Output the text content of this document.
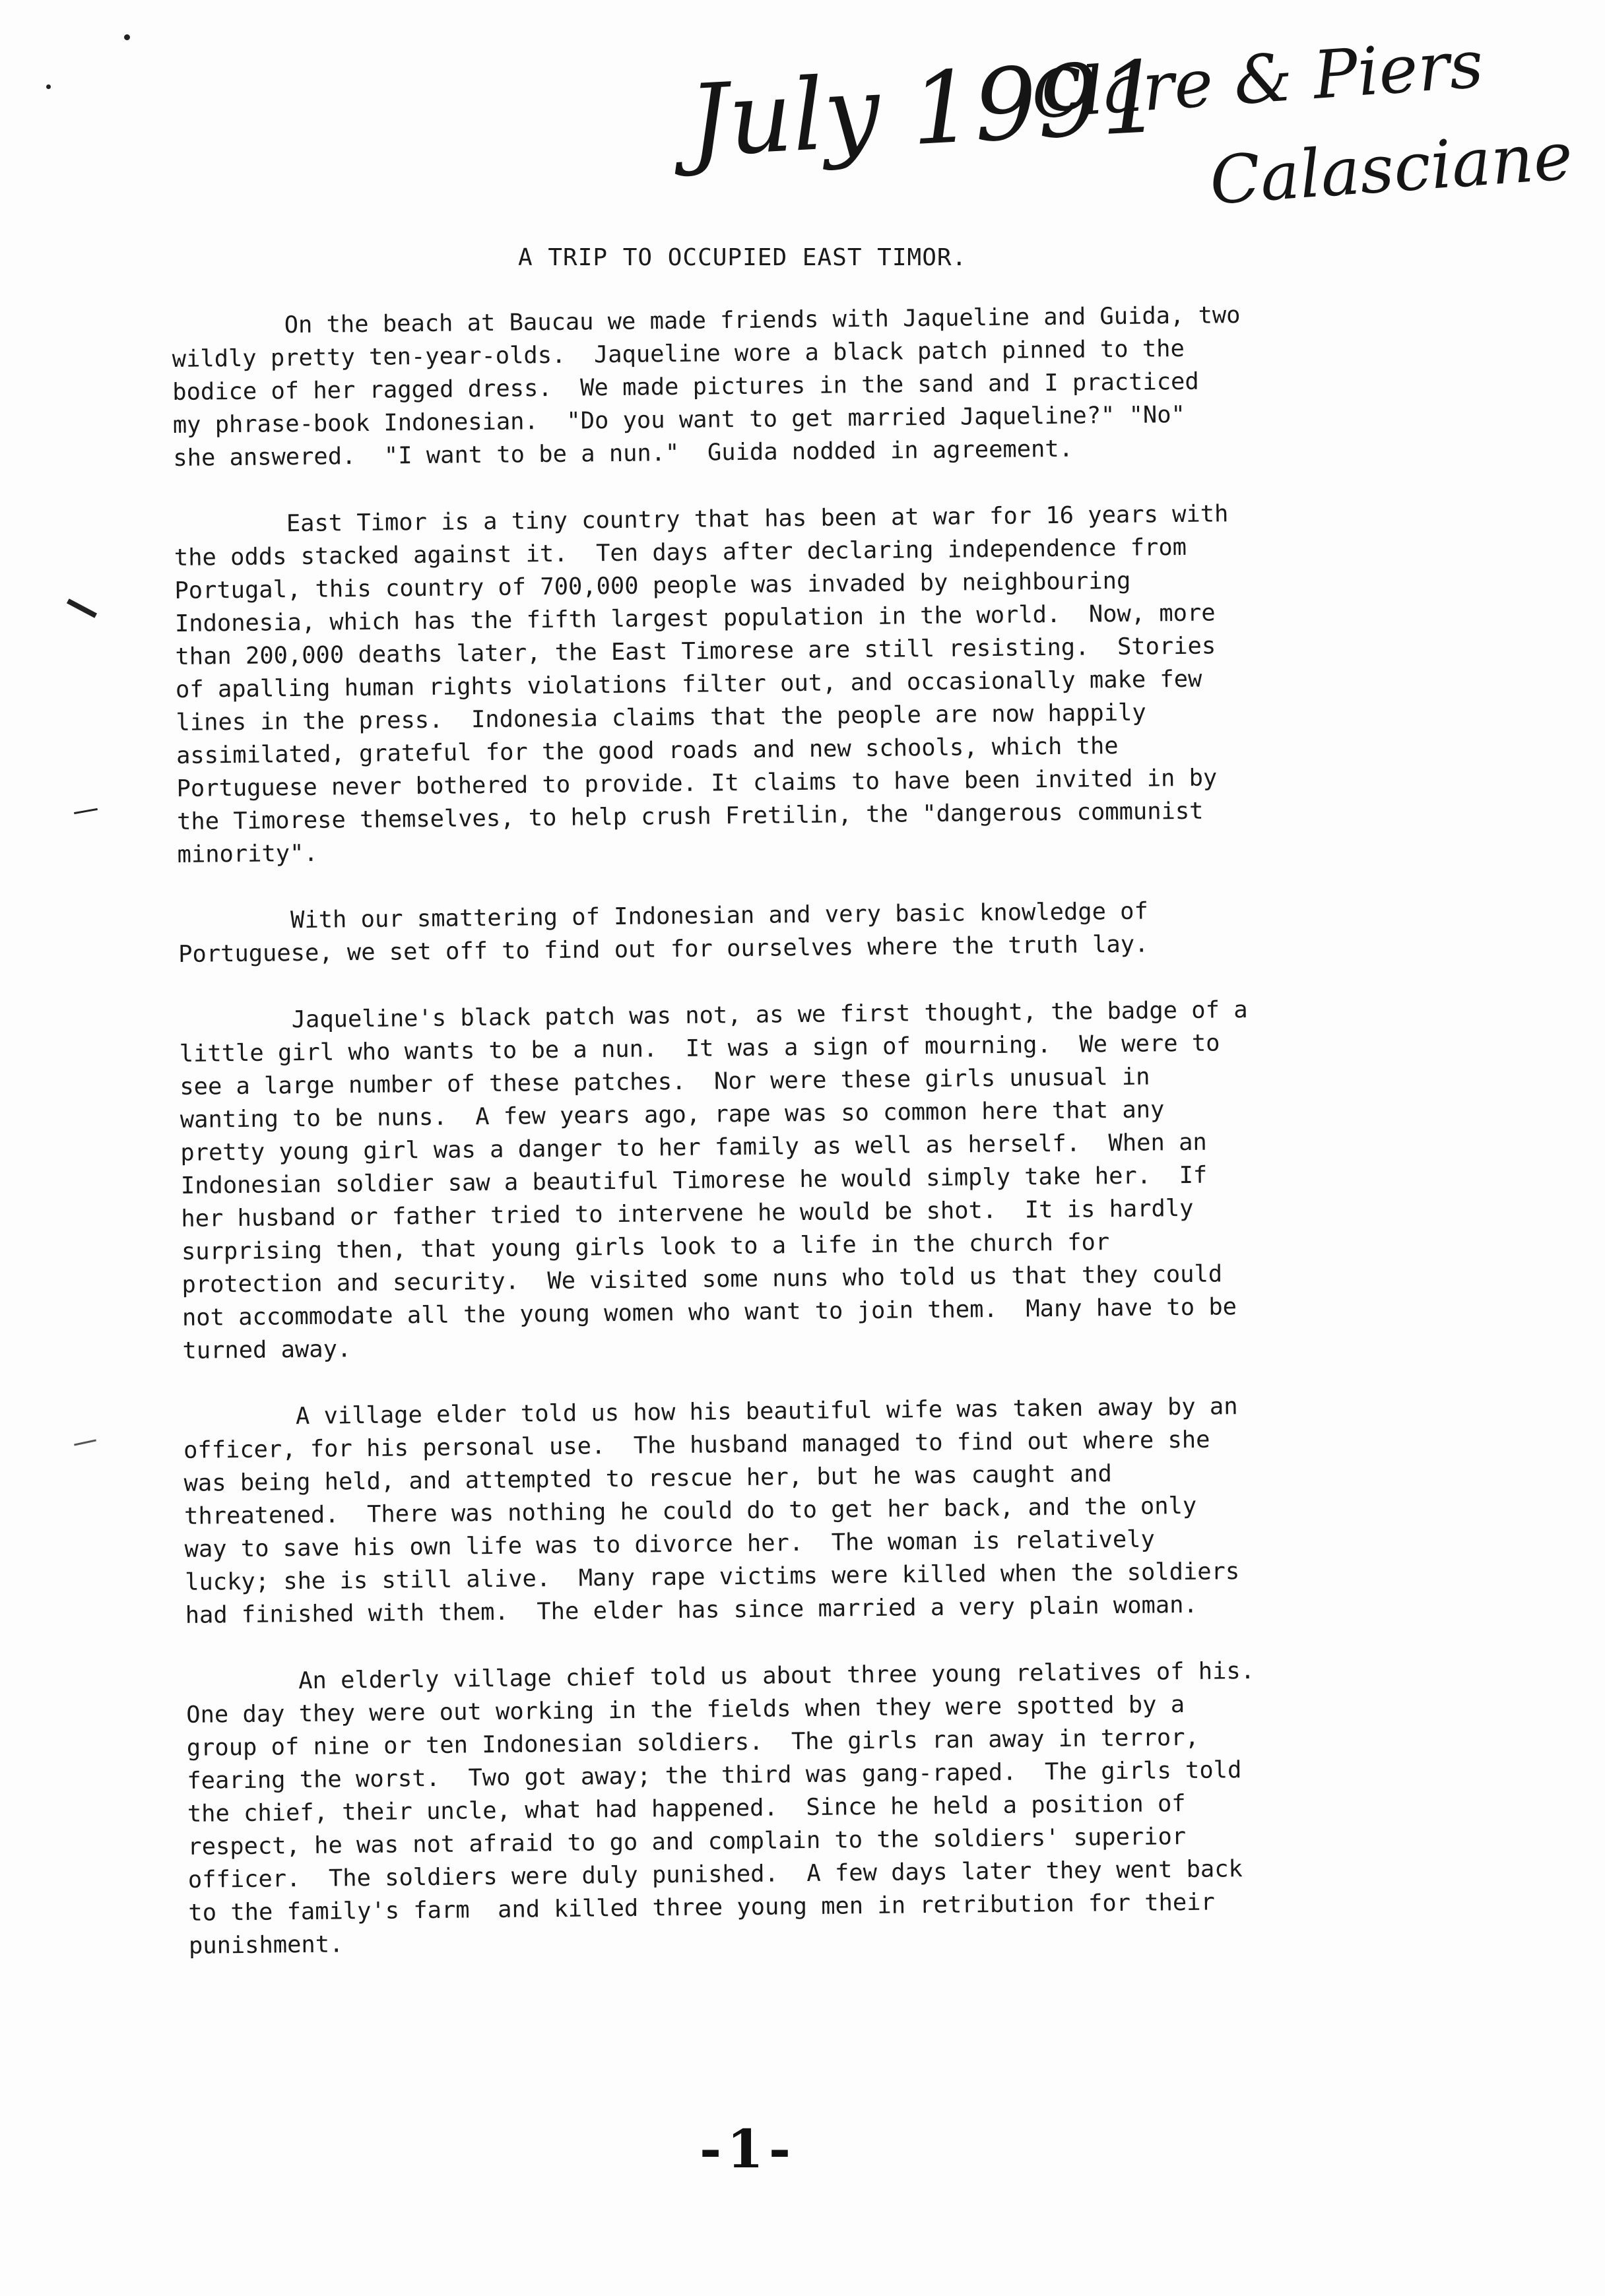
July 1991
Clare & Piers
Calasciane
A TRIP TO OCCUPIED EAST TIMOR.
On the beach at Baucau we made friends with Jaqueline and Guida, two
wildly pretty ten-year-olds.  Jaqueline wore a black patch pinned to the
bodice of her ragged dress.  We made pictures in the sand and I practiced
my phrase-book Indonesian.  "Do you want to get married Jaqueline?" "No"
she answered.  "I want to be a nun."  Guida nodded in agreement.
East Timor is a tiny country that has been at war for 16 years with
the odds stacked against it.  Ten days after declaring independence from
Portugal, this country of 700,000 people was invaded by neighbouring
Indonesia, which has the fifth largest population in the world.  Now, more
than 200,000 deaths later, the East Timorese are still resisting.  Stories
of apalling human rights violations filter out, and occasionally make few
lines in the press.  Indonesia claims that the people are now happily
assimilated, grateful for the good roads and new schools, which the
Portuguese never bothered to provide. It claims to have been invited in by
the Timorese themselves, to help crush Fretilin, the "dangerous communist
minority".
With our smattering of Indonesian and very basic knowledge of
Portuguese, we set off to find out for ourselves where the truth lay.
Jaqueline's black patch was not, as we first thought, the badge of a
little girl who wants to be a nun.  It was a sign of mourning.  We were to
see a large number of these patches.  Nor were these girls unusual in
wanting to be nuns.  A few years ago, rape was so common here that any
pretty young girl was a danger to her family as well as herself.  When an
Indonesian soldier saw a beautiful Timorese he would simply take her.  If
her husband or father tried to intervene he would be shot.  It is hardly
surprising then, that young girls look to a life in the church for
protection and security.  We visited some nuns who told us that they could
not accommodate all the young women who want to join them.  Many have to be
turned away.
A village elder told us how his beautiful wife was taken away by an
officer, for his personal use.  The husband managed to find out where she
was being held, and attempted to rescue her, but he was caught and
threatened.  There was nothing he could do to get her back, and the only
way to save his own life was to divorce her.  The woman is relatively
lucky; she is still alive.  Many rape victims were killed when the soldiers
had finished with them.  The elder has since married a very plain woman.
An elderly village chief told us about three young relatives of his.
One day they were out working in the fields when they were spotted by a
group of nine or ten Indonesian soldiers.  The girls ran away in terror,
fearing the worst.  Two got away; the third was gang-raped.  The girls told
the chief, their uncle, what had happened.  Since he held a position of
respect, he was not afraid to go and complain to the soldiers' superior
officer.  The soldiers were duly punished.  A few days later they went back
to the family's farm  and killed three young men in retribution for their
punishment.
-1-
